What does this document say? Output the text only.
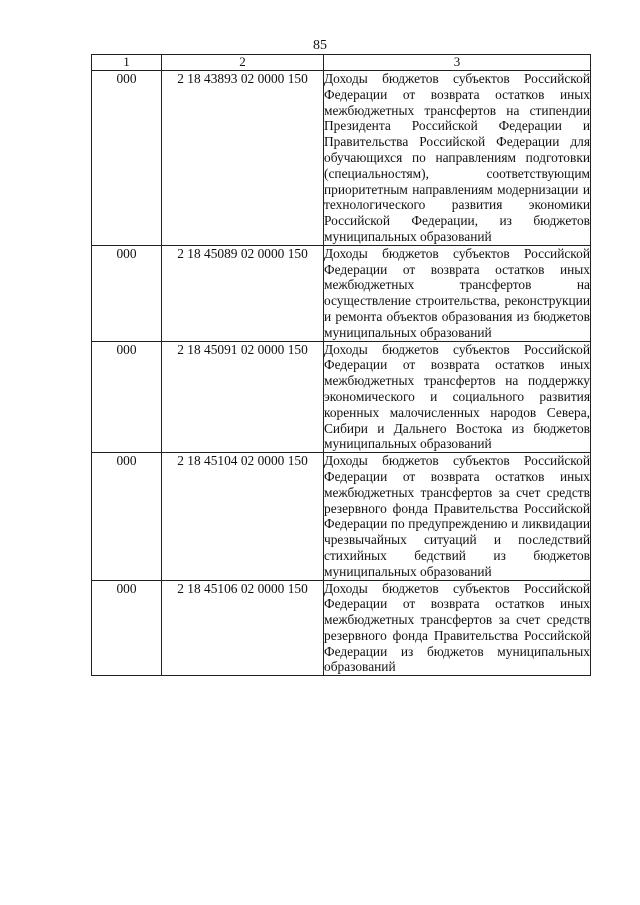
85
1	2	3
000	2 18 43893 02 0000 150	Доходы бюджетов субъектов Российской Федерации от возврата остатков иных межбюджетных трансфертов на стипендии Президента Российской Федерации и Правительства Российской Федерации для обучающихся по направлениям подготовки (специальностям), соответствующим приоритетным направлениям модернизации и технологического развития экономики Российской Федерации, из бюджетов муниципальных образований
000	2 18 45089 02 0000 150	Доходы бюджетов субъектов Российской Федерации от возврата остатков иных межбюджетных трансфертов на осуществление строительства, реконструкции и ремонта объектов образования из бюджетов муниципальных образований
000	2 18 45091 02 0000 150	Доходы бюджетов субъектов Российской Федерации от возврата остатков иных межбюджетных трансфертов на поддержку экономического и социального развития коренных малочисленных народов Севера, Сибири и Дальнего Востока из бюджетов муниципальных образований
000	2 18 45104 02 0000 150	Доходы бюджетов субъектов Российской Федерации от возврата остатков иных межбюджетных трансфертов за счет средств резервного фонда Правительства Российской Федерации по предупреждению и ликвидации чрезвычайных ситуаций и последствий стихийных бедствий из бюджетов муниципальных образований
000	2 18 45106 02 0000 150	Доходы бюджетов субъектов Российской Федерации от возврата остатков иных межбюджетных трансфертов за счет средств резервного фонда Правительства Российской Федерации из бюджетов муниципальных образований
